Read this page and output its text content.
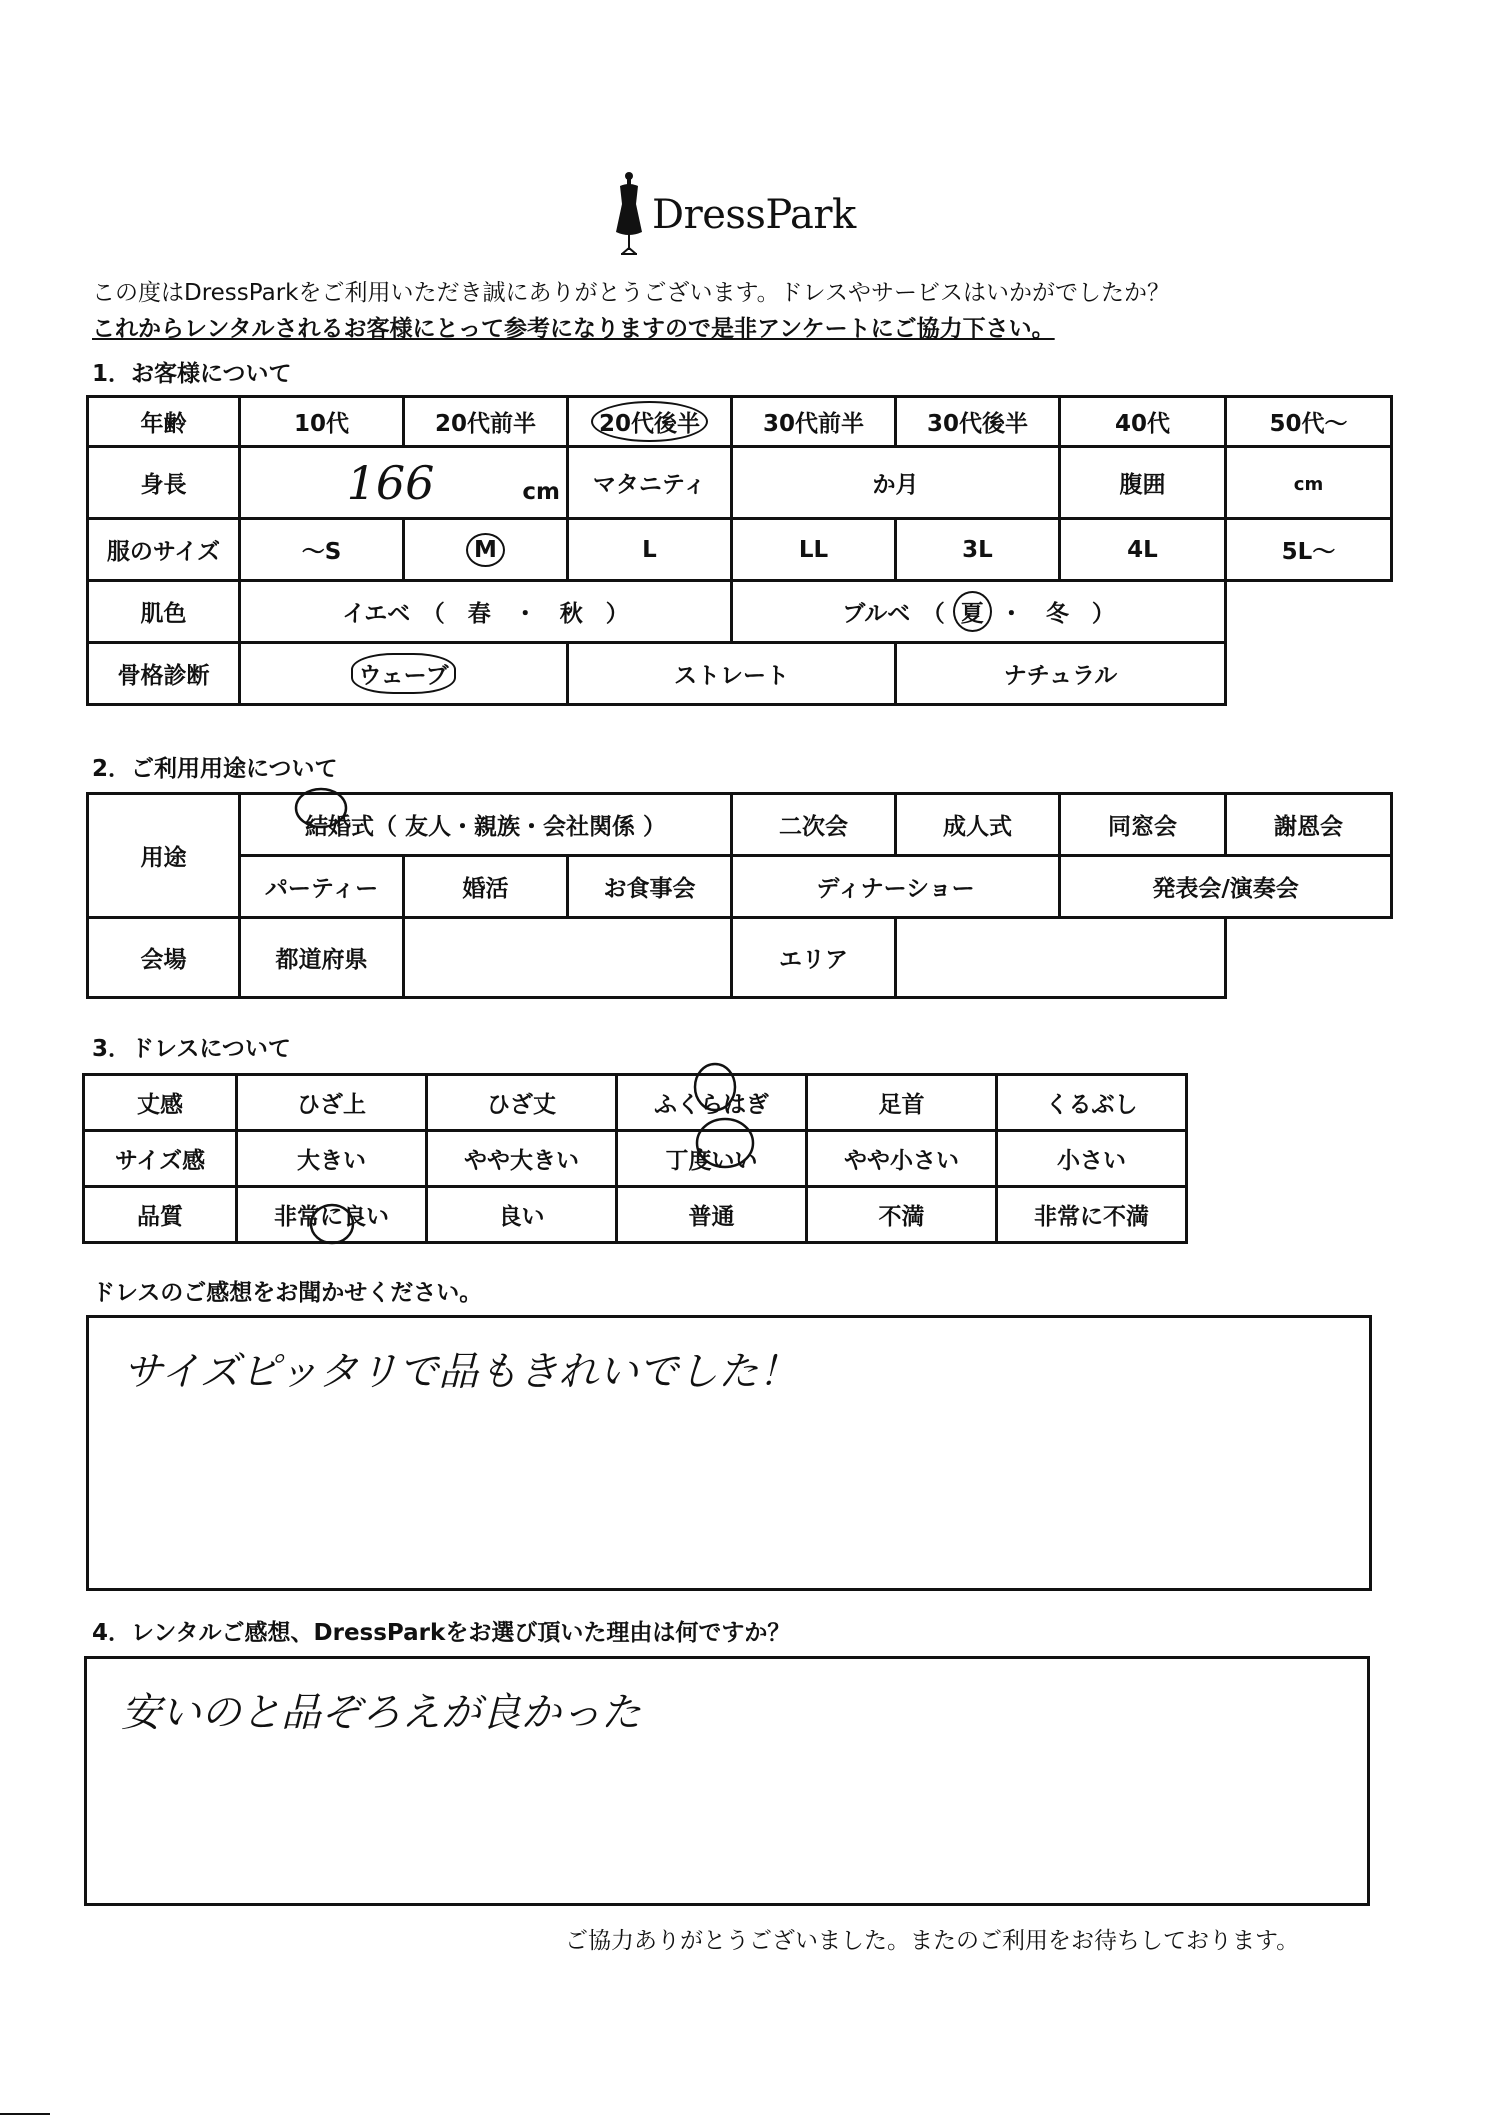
DressPark
この度はDressParkをご利用いただき誠にありがとうございます。ドレスやサービスはいかがでしたか？
これからレンタルされるお客様にとって参考になりますので是非アンケートにご協力下さい。
1．お客様について
年齢	10代	20代前半	20代後半	30代前半	30代後半	40代	50代～
身長	166 cm		マタニティ	か月		腹囲	cm
服のサイズ	～S	M	L	LL	3L	4L	5L～
肌色	イエベ　（　春　・　秋　）			ブルベ　（ 夏 ・　冬　）			
骨格診断	ウェーブ		ストレート		ナチュラル		
2．ご利用用途について
用途	結婚式（ 友人・親族・会社関係 ）			二次会	成人式	同窓会	謝恩会
	パーティー	婚活	お食事会	ディナーショー		発表会/演奏会	
会場	都道府県			エリア			
3．ドレスについて
丈感	ひざ上	ひざ丈	ふくらはぎ	足首	くるぶし
サイズ感	大きい	やや大きい	丁度いい	やや小さい	小さい
品質	非常に良い	良い	普通	不満	非常に不満
ドレスのご感想をお聞かせください。
サイズピッタリで品もきれいでした！
4．レンタルご感想、DressParkをお選び頂いた理由は何ですか？
安いのと品ぞろえが良かった
ご協力ありがとうございました。またのご利用をお待ちしております。
